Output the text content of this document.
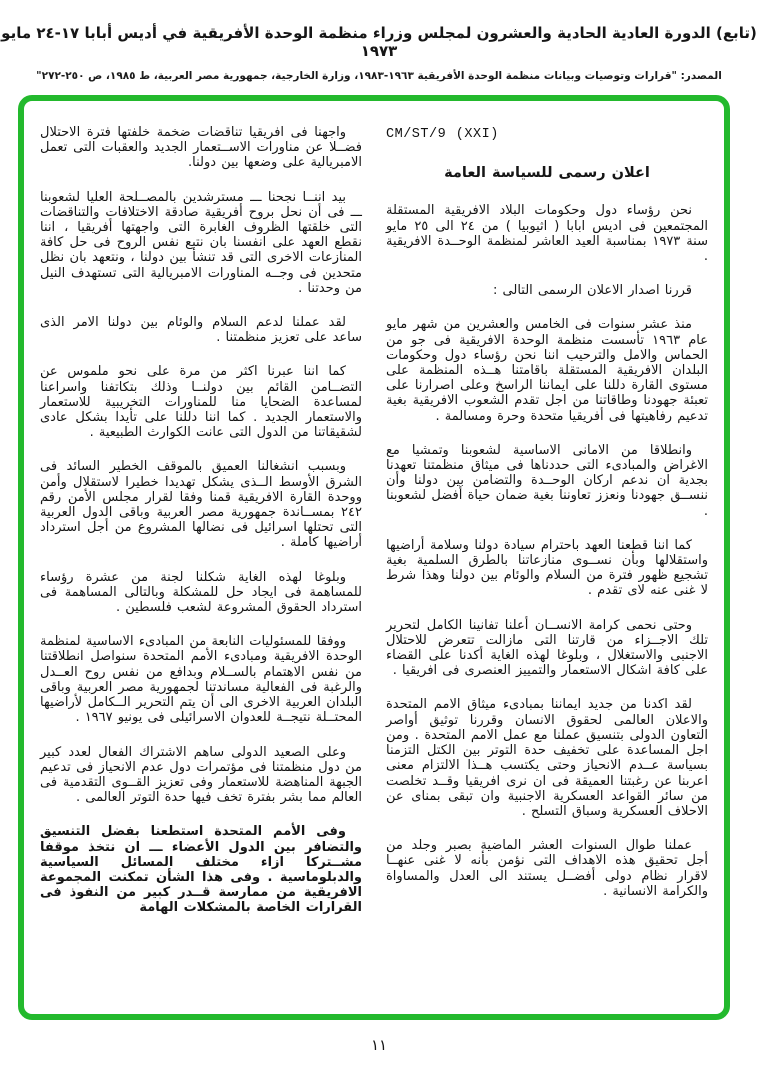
(تابع) الدورة العادية الحادية والعشرون لمجلس وزراء منظمة الوحدة الأفريقية في أديس أبابا ١٧-٢٤ مايو ١٩٧٣
المصدر: "قرارات وتوصيات وبيانات منظمة الوحدة الأفريقية ١٩٦٣-١٩٨٣، وزارة الخارجية، جمهورية مصر العربية، ط ١٩٨٥، ص ٢٥٠-٢٧٢"
CM/ST/9 (XXI)
اعلان رسمى للسياسة العامة

نحن رؤساء دول وحكومات البلاد الافريقية المستقلة المجتمعين فى اديس ابابا ( اثيوبيا ) من ٢٤ الى ٢٥ مايو سنة ١٩٧٣ بمناسبة العيد العاشر لمنظمة الوحــدة الافريقية .

قررنا اصدار الاعلان الرسمى التالى :

منذ عشر سنوات فى الخامس والعشرين من شهر مايو عام ١٩٦٣ تأسست منظمة الوحدة الافريقية فى جو من الحماس والامل والترحيب اننا نحن رؤساء دول وحكومات البلدان الافريقية المستقلة باقامتنا هــذه المنظمة على مستوى القارة دللنا على ايماننا الراسخ وعلى اصرارنا على تعبئة جهودنا وطاقاتنا من اجل تقدم الشعوب الافريقية بغية تدعيم رفاهيتها فى أفريقيا متحدة وحرة ومسالمة .

وانطلاقا من الامانى الاساسية لشعوبنا وتمشيا مع الاغراض والمبادىء التى حددناها فى ميثاق منظمتنا تعهدنا بجدية ان ندعم اركان الوحــدة والتضامن بين دولنا وأن ننســق جهودنا ونعزز تعاوننا بغية ضمان حياة أفضل لشعوبنا .

كما اننا قطعنا العهد باحترام سيادة دولنا وسلامة أراضيها واستقلالها وبأن نســوى منازعاتنا بالطرق السلمية بغية تشجيع ظهور فترة من السلام والوئام بين دولنا وهذا شرط لا غنى عنه لاى تقدم .

وحتى نحمى كرامة الانســان أعلنا تفانينا الكامل لتحرير تلك الاجــزاء من قارتنا التى مازالت تتعرض للاحتلال الاجنبى والاستغلال ، وبلوغا لهذه الغاية أكدنا على القضاء على كافة اشكال الاستعمار والتمييز العنصرى فى افريقيا .

لقد اكدنا من جديد ايماننا بمبادىء ميثاق الامم المتحدة والاعلان العالمى لحقوق الانسان وقررنا توثيق أواصر التعاون الدولى بتنسيق عملنا مع عمل الامم المتحدة . ومن اجل المساعدة على تخفيف حدة التوتر بين الكتل التزمنا بسياسة عــدم الانحياز وحتى يكتسب هــذا الالتزام معنى اعربنا عن رغبتنا العميقة فى ان نرى افريقيا وقــد تخلصت من سائر القواعد العسكرية الاجنبية وان تبقى بمناى عن الاحلاف العسكرية وسباق التسلح .

عملنا طوال السنوات العشر الماضية بصبر وجلد من أجل تحقيق هذه الاهداف التى نؤمن بأنه لا غنى عنهــا لاقرار نظام دولى أفضــل يستند الى العدل والمساواة والكرامة الانسانية .

واجهنا فى افريقيا تناقضات ضخمة خلفتها فترة الاحتلال فضــلا عن مناورات الاســتعمار الجديد والعقبات التى تعمل الامبريالية على وضعها بين دولنا.

بيد اننــا نجحنا ـــ مسترشدين بالمصــلحة العليا لشعوبنا ـــ فى أن نحل بروح أفريقية صادقة الاختلافات والتناقضات التى خلقتها الظروف الغابرة التى واجهتها أفريقيا ، اننا نقطع العهد على انفسنا بان نتبع نفس الروح فى حل كافة المنازعات الاخرى التى قد تنشأ بين دولنا ، ونتعهد بان نظل متحدين فى وجــه المناورات الامبريالية التى تستهدف النيل من وحدتنا .

لقد عملنا لدعم السلام والوئام بين دولنا الامر الذى ساعد على تعزيز منظمتنا .

كما اننا عبرنا اكثر من مرة على نحو ملموس عن التضــامن القائم بين دولنــا وذلك بتكاتفنا واسراعنا لمساعدة الضحايا منا للمناورات التخريبية للاستعمار والاستعمار الجديد . كما اننا دللنا على تأيدا بشكل عادى لشقيقاتنا من الدول التى عانت الكوارث الطبيعية .

وبسبب انشغالنا العميق بالموقف الخطير السائد فى الشرق الأوسط الــذى يشكل تهديدا خطيرا لاستقلال وأمن ووحدة القارة الافريقية قمنا وفقا لقرار مجلس الأمن رقم ٢٤٢ بمســاندة جمهورية مصر العربية وباقى الدول العربية التى تحتلها اسرائيل فى نضالها المشروع من أجل استرداد أراضيها كاملة .

وبلوغا لهذه الغاية شكلنا لجنة من عشرة رؤساء للمساهمة فى ايجاد حل للمشكلة وبالتالى المساهمة فى استرداد الحقوق المشروعة لشعب فلسطين .

ووفقا للمسئوليات النابعة من المبادىء الاساسية لمنظمة الوحدة الافريقية ومبادىء الأمم المتحدة سنواصل انطلاقتنا من نفس الاهتمام بالســلام وبدافع من نفس روح العــدل والرغبة فى الفعالية مساندتنا لجمهورية مصر العربية وباقى البلدان العربية الاخرى الى أن يتم التحرير الــكامل لأراضيها المحتــلة نتيجــة للعدوان الاسرائيلى فى يونيو ١٩٦٧ .

وعلى الصعيد الدولى ساهم الاشتراك الفعال لعدد كبير من دول منظمتنا فى مؤتمرات دول عدم الانحياز فى تدعيم الجبهة المناهضة للاستعمار وفى تعزيز القــوى التقدمية فى العالم مما بشر بفترة تخف فيها حدة التوتر العالمى .

وفى الأمم المتحدة استطعنا بفضل التنسيق والتضافر بين الدول الأعضاء ـــ ان نتخذ موقفا مشــتركا ازاء مختلف المسائل السياسية والدبلوماسية . وفى هذا الشأن تمكنت المجموعة الافريقية من ممارسة قــدر كبير من النفوذ فى القرارات الخاصة بالمشكلات الهامة

١١
